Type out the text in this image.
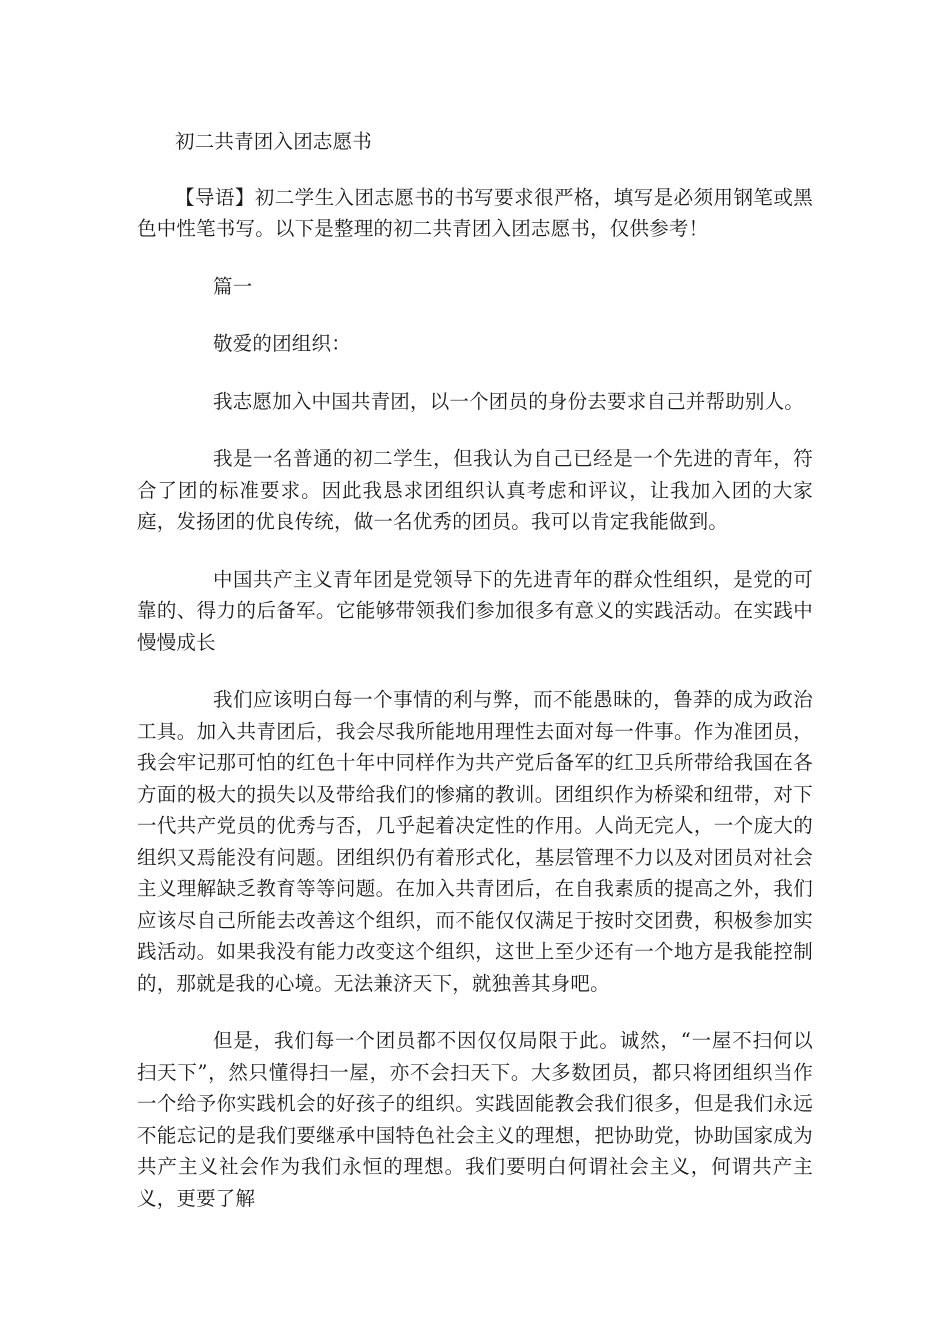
初二共青团入团志愿书

【导语】初二学生入团志愿书的书写要求很严格，填写是必须用钢笔或黑色中性笔书写。以下是整理的初二共青团入团志愿书，仅供参考！

篇一

敬爱的团组织：

我志愿加入中国共青团，以一个团员的身份去要求自己并帮助别人。

我是一名普通的初二学生，但我认为自己已经是一个先进的青年，符合了团的标准要求。因此我恳求团组织认真考虑和评议，让我加入团的大家庭，发扬团的优良传统，做一名优秀的团员。我可以肯定我能做到。

中国共产主义青年团是党领导下的先进青年的群众性组织，是党的可靠的、得力的后备军。它能够带领我们参加很多有意义的实践活动。在实践中慢慢成长

我们应该明白每一个事情的利与弊，而不能愚昧的，鲁莽的成为政治工具。加入共青团后，我会尽我所能地用理性去面对每一件事。作为准团员，我会牢记那可怕的红色十年中同样作为共产党后备军的红卫兵所带给我国在各方面的极大的损失以及带给我们的惨痛的教训。团组织作为桥梁和纽带，对下一代共产党员的优秀与否，几乎起着决定性的作用。人尚无完人，一个庞大的组织又焉能没有问题。团组织仍有着形式化，基层管理不力以及对团员对社会主义理解缺乏教育等等问题。在加入共青团后，在自我素质的提高之外，我们应该尽自己所能去改善这个组织，而不能仅仅满足于按时交团费，积极参加实践活动。如果我没有能力改变这个组织，这世上至少还有一个地方是我能控制的，那就是我的心境。无法兼济天下，就独善其身吧。

但是，我们每一个团员都不因仅仅局限于此。诚然，“一屋不扫何以扫天下”，然只懂得扫一屋，亦不会扫天下。大多数团员，都只将团组织当作一个给予你实践机会的好孩子的组织。实践固能教会我们很多，但是我们永远不能忘记的是我们要继承中国特色社会主义的理想，把协助党，协助国家成为共产主义社会作为我们永恒的理想。我们要明白何谓社会主义，何谓共产主义，更要了解
